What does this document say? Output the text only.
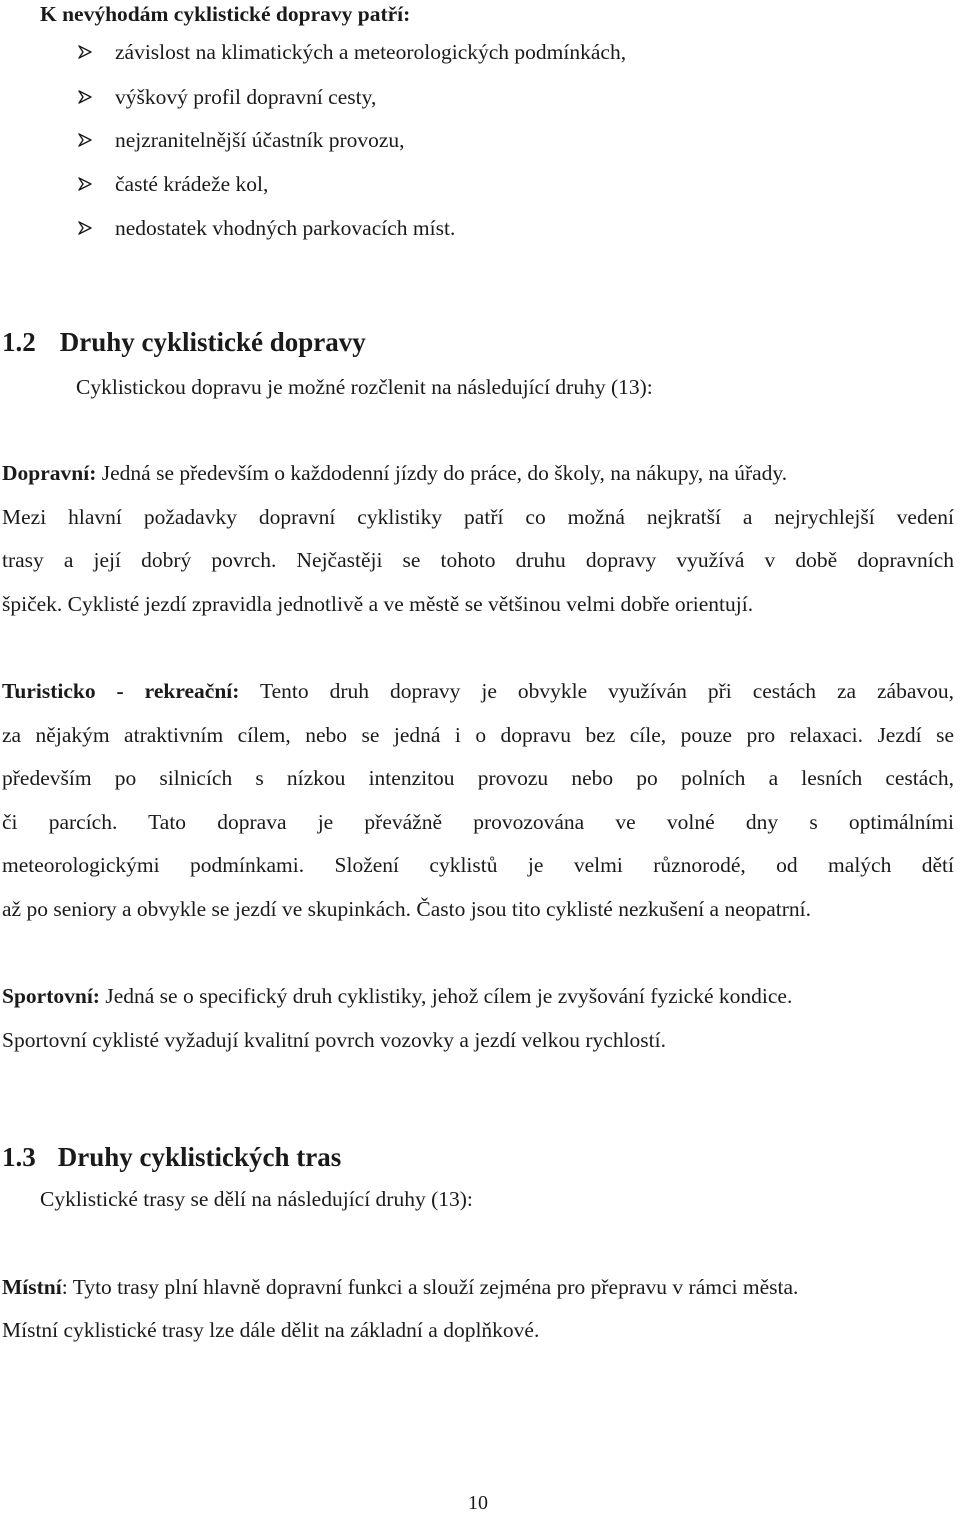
K nevýhodám cyklistické dopravy patří:
závislost na klimatických a meteorologických podmínkách,
výškový profil dopravní cesty,
nejzranitelnější účastník provozu,
časté krádeže kol,
nedostatek vhodných parkovacích míst.
1.2 Druhy cyklistické dopravy
Cyklistickou dopravu je možné rozčlenit na následující druhy (13):
Dopravní: Jedná se především o každodenní jízdy do práce, do školy, na nákupy, na úřady.
Mezi hlavní požadavky dopravní cyklistiky patří co možná nejkratší a nejrychlejší vedení
trasy a její dobrý povrch. Nejčastěji se tohoto druhu dopravy využívá v době dopravních
špiček. Cyklisté jezdí zpravidla jednotlivě a ve městě se většinou velmi dobře orientují.
Turisticko - rekreační: Tento druh dopravy je obvykle využíván při cestách za zábavou,
za nějakým atraktivním cílem, nebo se jedná i o dopravu bez cíle, pouze pro relaxaci. Jezdí se
především po silnicích s nízkou intenzitou provozu nebo po polních a lesních cestách,
či parcích. Tato doprava je převážně provozována ve volné dny s optimálními
meteorologickými podmínkami. Složení cyklistů je velmi různorodé, od malých dětí
až po seniory a obvykle se jezdí ve skupinkách. Často jsou tito cyklisté nezkušení a neopatrní.
Sportovní: Jedná se o specifický druh cyklistiky, jehož cílem je zvyšování fyzické kondice.
Sportovní cyklisté vyžadují kvalitní povrch vozovky a jezdí velkou rychlostí.
1.3 Druhy cyklistických tras
Cyklistické trasy se dělí na následující druhy (13):
Místní: Tyto trasy plní hlavně dopravní funkci a slouží zejména pro přepravu v rámci města.
Místní cyklistické trasy lze dále dělit na základní a doplňkové.
10
